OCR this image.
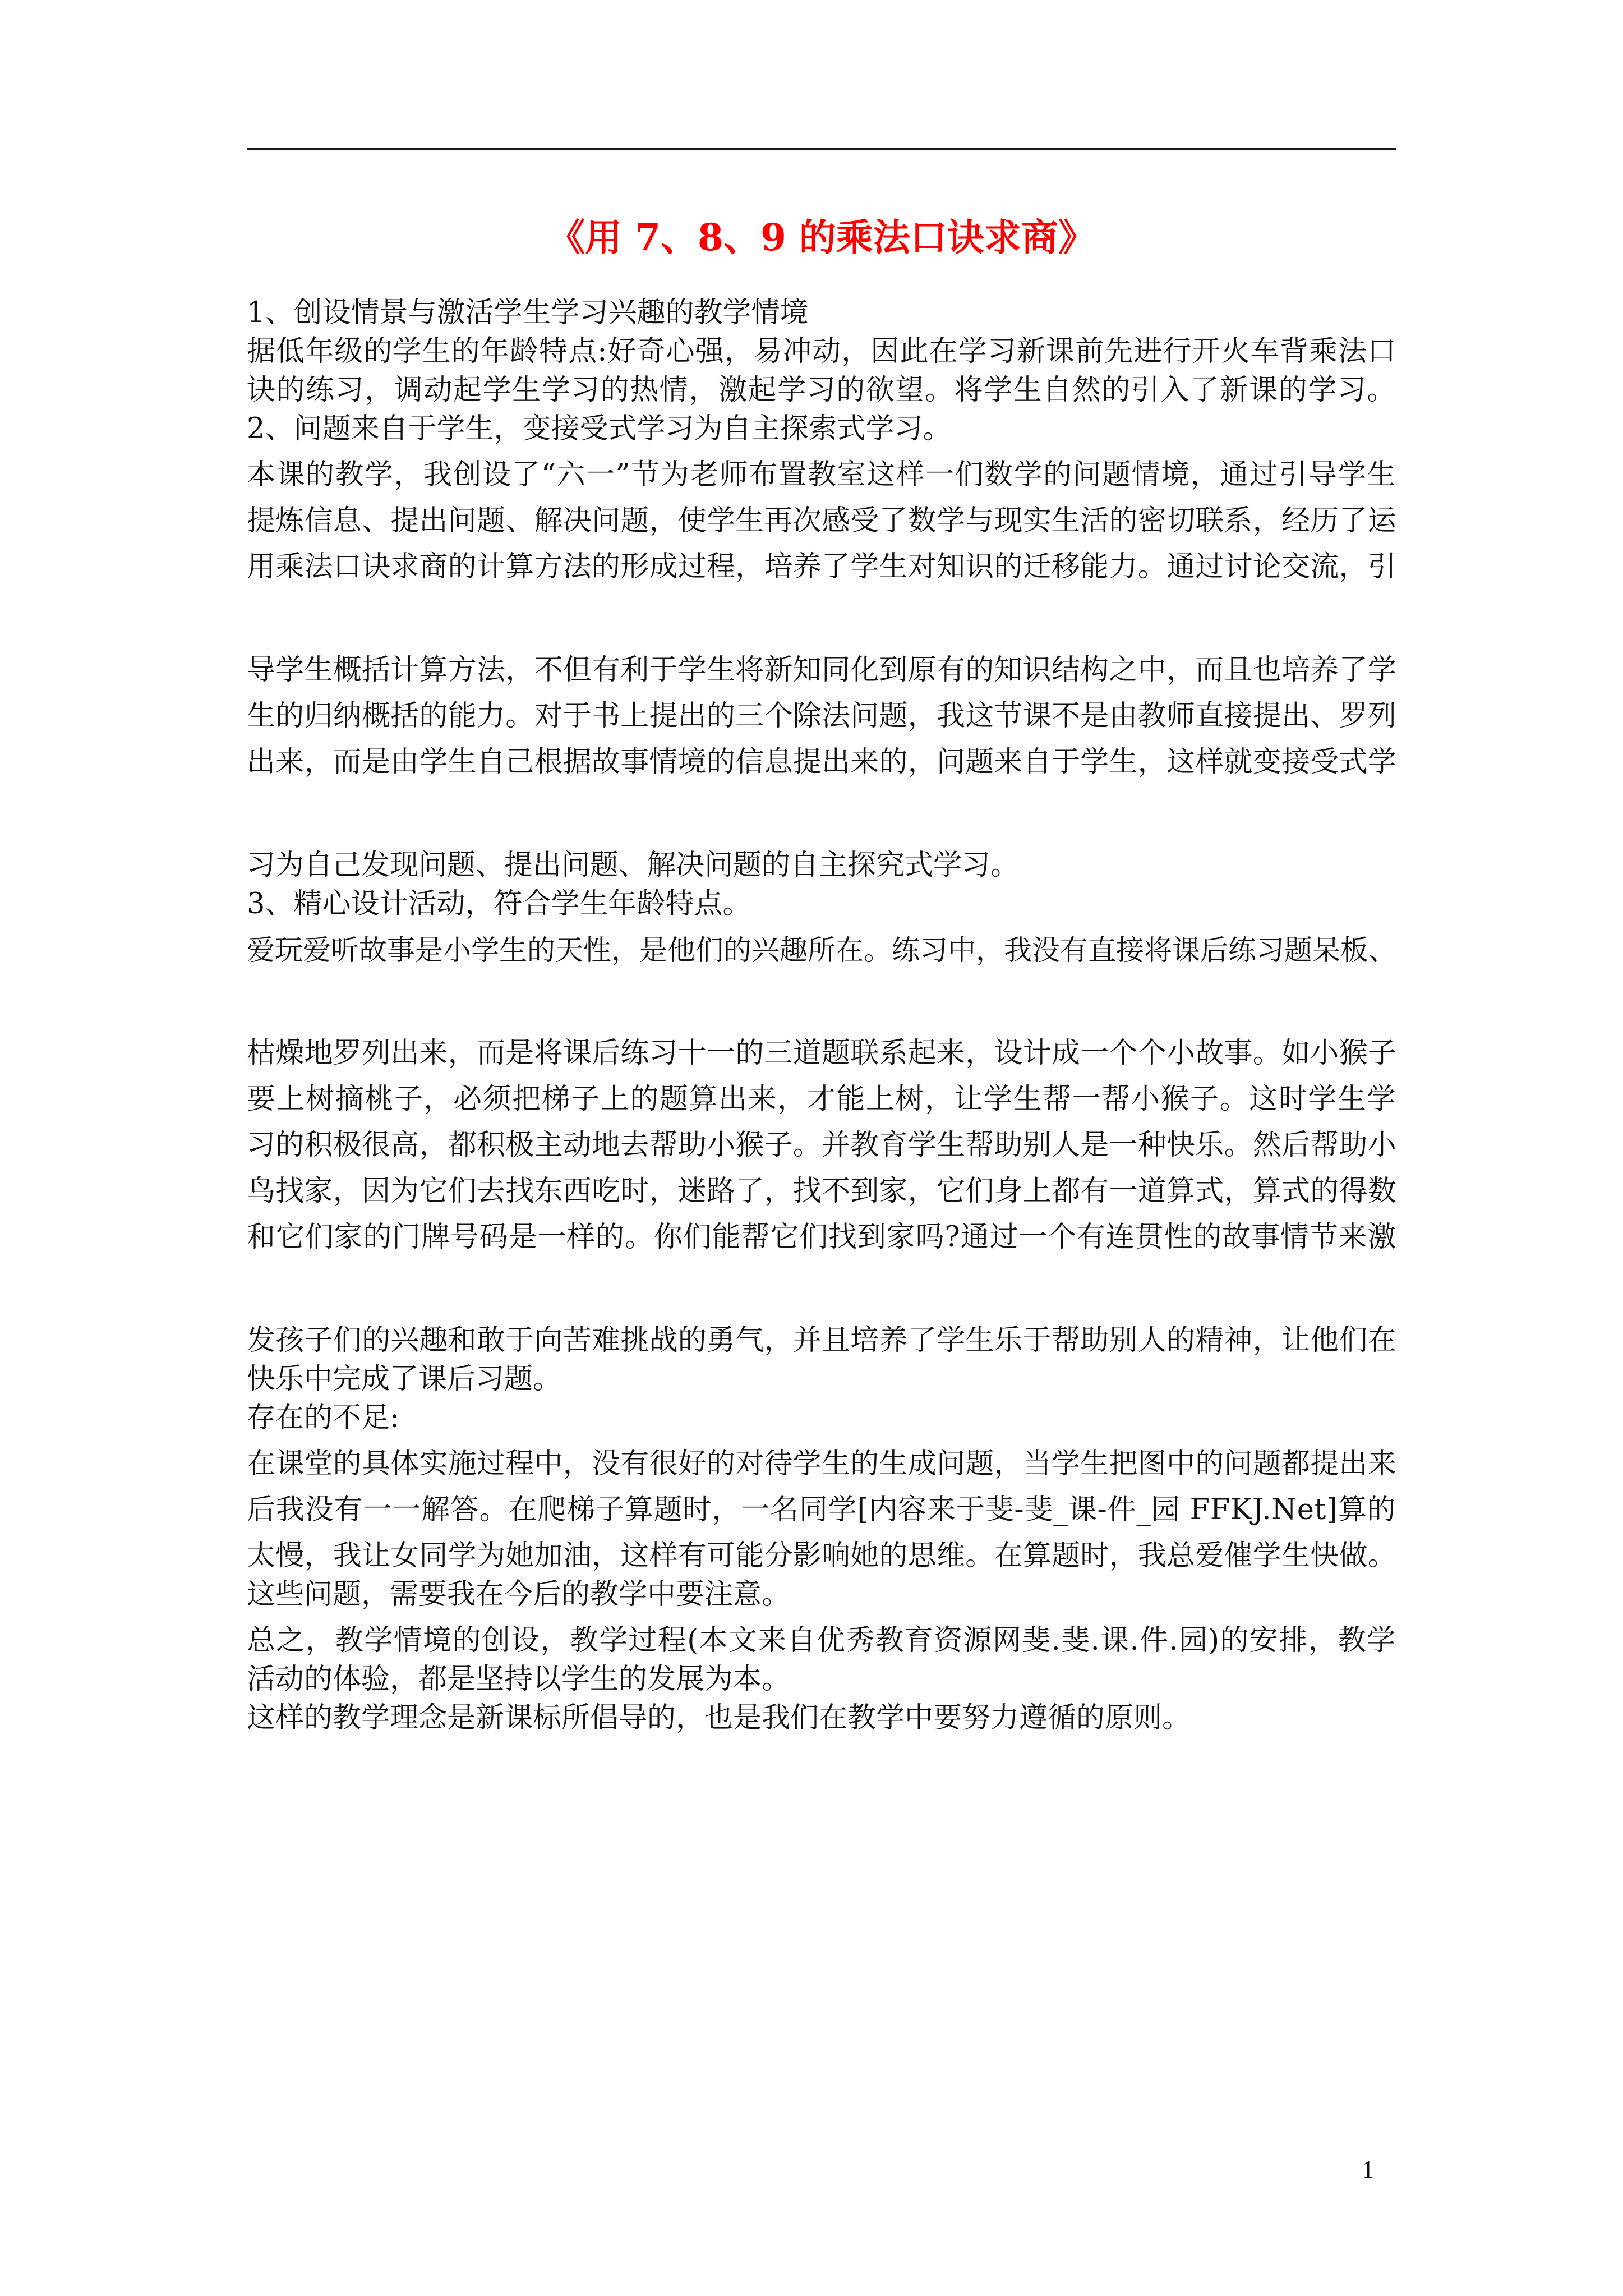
《用 7、8、9 的乘法口诀求商》
1、创设情景与激活学生学习兴趣的教学情境
据低年级的学生的年龄特点:好奇心强，易冲动，因此在学习新课前先进行开火车背乘法口
诀的练习，调动起学生学习的热情，激起学习的欲望。将学生自然的引入了新课的学习。
2、问题来自于学生，变接受式学习为自主探索式学习。
本课的教学，我创设了“六一”节为老师布置教室这样一们数学的问题情境，通过引导学生
提炼信息、提出问题、解决问题，使学生再次感受了数学与现实生活的密切联系，经历了运
用乘法口诀求商的计算方法的形成过程，培养了学生对知识的迁移能力。通过讨论交流，引
导学生概括计算方法，不但有利于学生将新知同化到原有的知识结构之中，而且也培养了学
生的归纳概括的能力。对于书上提出的三个除法问题，我这节课不是由教师直接提出、罗列
出来，而是由学生自己根据故事情境的信息提出来的，问题来自于学生，这样就变接受式学
习为自己发现问题、提出问题、解决问题的自主探究式学习。
3、精心设计活动，符合学生年龄特点。
爱玩爱听故事是小学生的天性，是他们的兴趣所在。练习中，我没有直接将课后练习题呆板、
枯燥地罗列出来，而是将课后练习十一的三道题联系起来，设计成一个个小故事。如小猴子
要上树摘桃子，必须把梯子上的题算出来，才能上树，让学生帮一帮小猴子。这时学生学
习的积极很高，都积极主动地去帮助小猴子。并教育学生帮助别人是一种快乐。然后帮助小
鸟找家，因为它们去找东西吃时，迷路了，找不到家，它们身上都有一道算式，算式的得数
和它们家的门牌号码是一样的。你们能帮它们找到家吗?通过一个有连贯性的故事情节来激
发孩子们的兴趣和敢于向苦难挑战的勇气，并且培养了学生乐于帮助别人的精神，让他们在
快乐中完成了课后习题。
存在的不足:
在课堂的具体实施过程中，没有很好的对待学生的生成问题，当学生把图中的问题都提出来
后我没有一一解答。在爬梯子算题时，一名同学[内容来于斐-斐_课-件_园 FFKJ.Net]算的
太慢，我让女同学为她加油，这样有可能分影响她的思维。在算题时，我总爱催学生快做。
这些问题，需要我在今后的教学中要注意。
总之，教学情境的创设，教学过程(本文来自优秀教育资源网斐.斐.课.件.园)的安排，教学
活动的体验，都是坚持以学生的发展为本。
这样的教学理念是新课标所倡导的，也是我们在教学中要努力遵循的原则。
1
